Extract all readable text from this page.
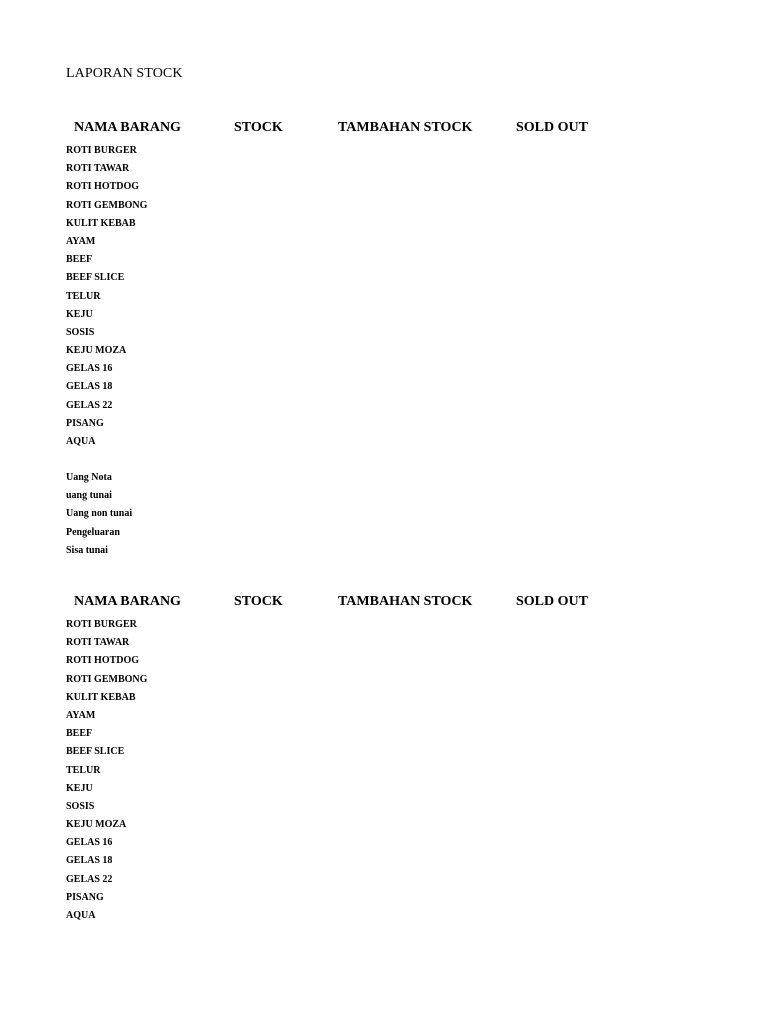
LAPORAN STOCK
NAMA BARANG	STOCK	TAMBAHAN STOCK	SOLD OUT
ROTI BURGER
ROTI TAWAR
ROTI HOTDOG
ROTI GEMBONG
KULIT KEBAB
AYAM
BEEF
BEEF SLICE
TELUR
KEJU
SOSIS
KEJU MOZA
GELAS 16
GELAS 18
GELAS 22
PISANG
AQUA
Uang Nota
uang tunai
Uang non tunai
Pengeluaran
Sisa tunai
NAMA BARANG	STOCK	TAMBAHAN STOCK	SOLD OUT
ROTI BURGER
ROTI TAWAR
ROTI HOTDOG
ROTI GEMBONG
KULIT KEBAB
AYAM
BEEF
BEEF SLICE
TELUR
KEJU
SOSIS
KEJU MOZA
GELAS 16
GELAS 18
GELAS 22
PISANG
AQUA
